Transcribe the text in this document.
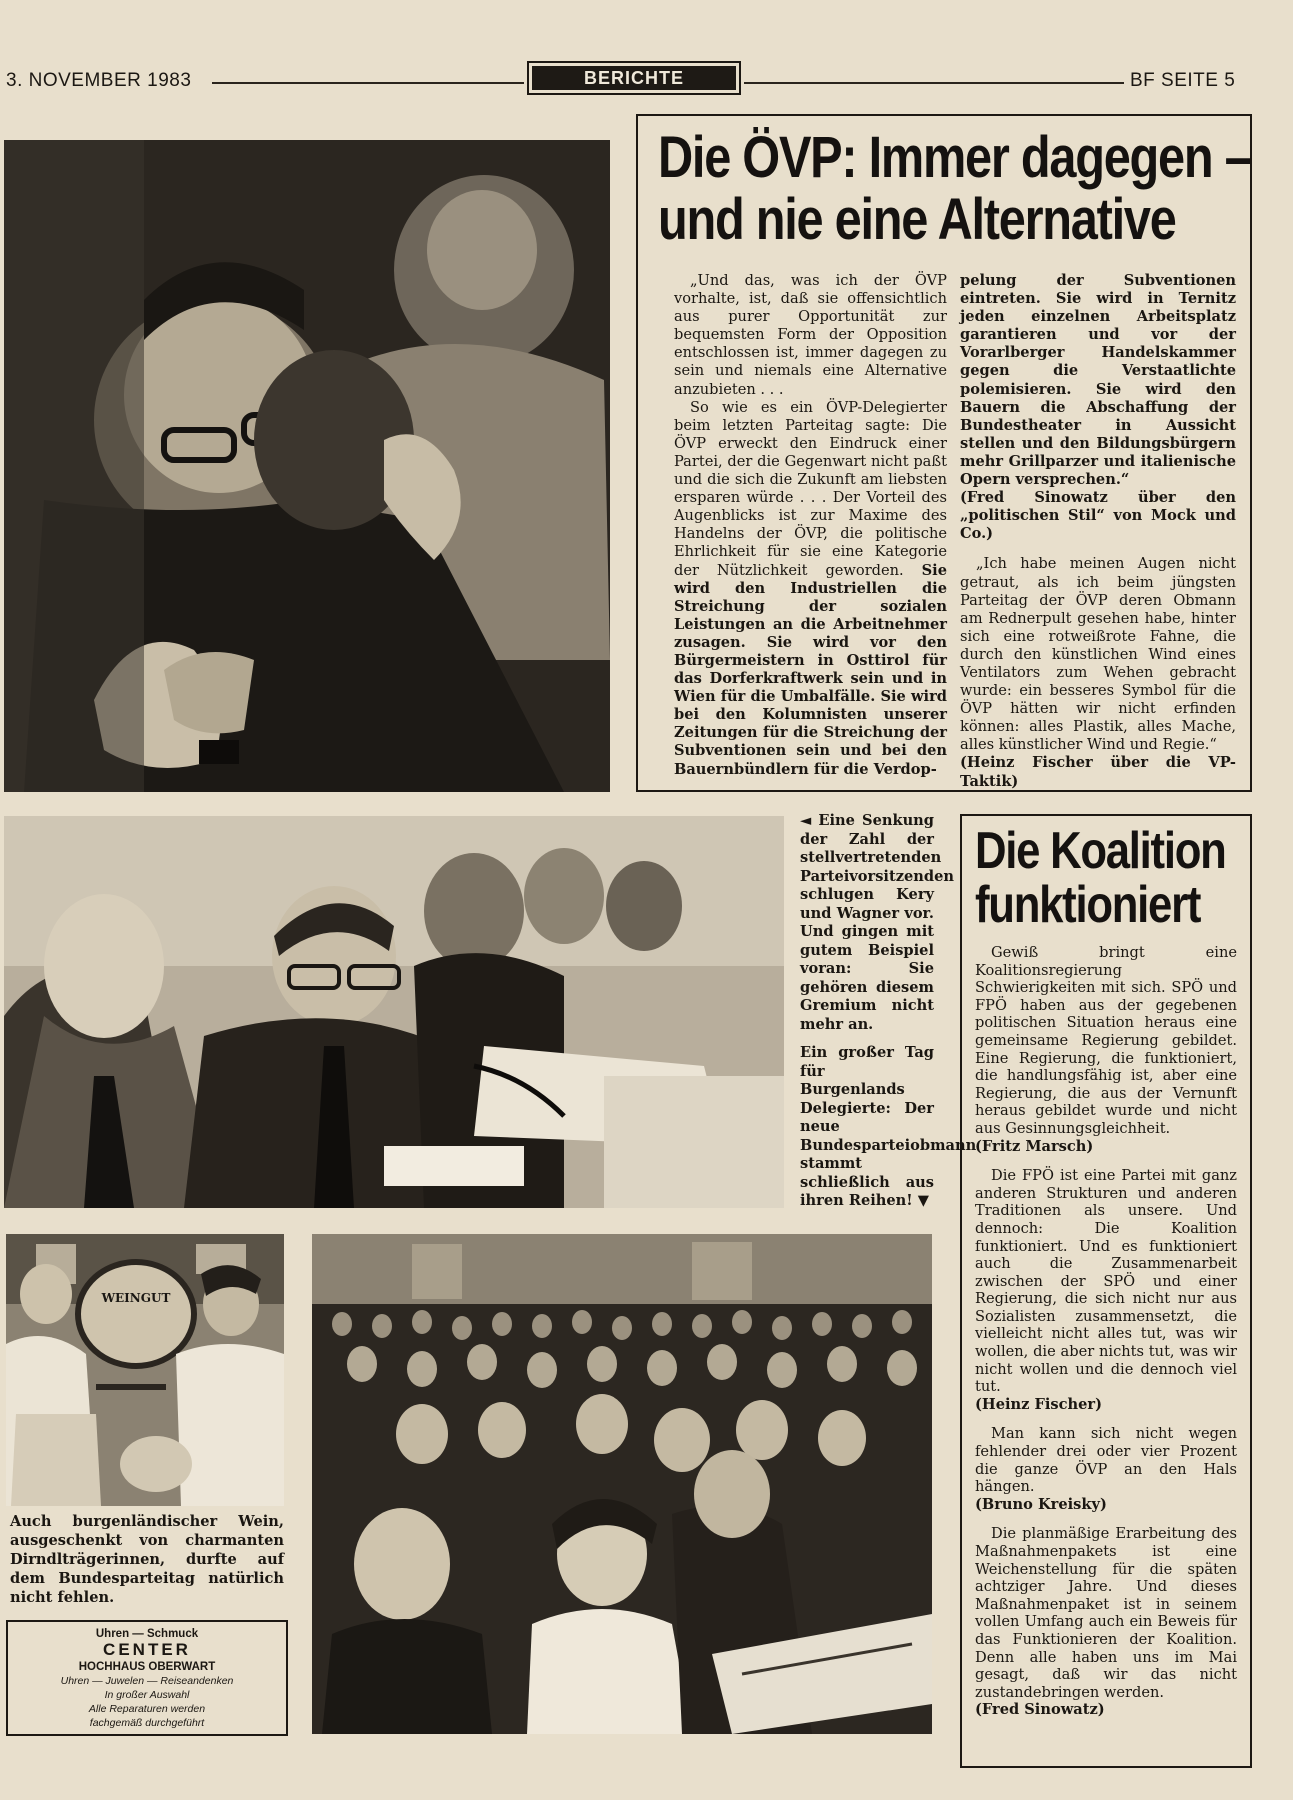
3. NOVEMBER 1983	BERICHTE	BF SEITE 5
Die ÖVP: Immer dagegen –
und nie eine Alternative

„Und das, was ich der ÖVP vorhalte, ist, daß sie offensichtlich aus purer Opportunität zur bequemsten Form der Opposition entschlossen ist, immer dagegen zu sein und niemals eine Alternative anzubieten . . .

So wie es ein ÖVP-Delegierter beim letzten Parteitag sagte: Die ÖVP erweckt den Eindruck einer Partei, der die Gegenwart nicht paßt und die sich die Zukunft am liebsten ersparen würde . . . Der Vorteil des Augenblicks ist zur Maxime des Handelns der ÖVP, die politische Ehrlichkeit für sie eine Kategorie der Nützlichkeit geworden. Sie wird den Industriellen die Streichung der sozialen Leistungen an die Arbeitnehmer zusagen. Sie wird vor den Bürgermeistern in Osttirol für das Dorferkraftwerk sein und in Wien für die Umbalfälle. Sie wird bei den Kolumnisten unserer Zeitungen für die Streichung der Subventionen sein und bei den Bauernbündlern für die Verdop-

pelung der Subventionen eintreten. Sie wird in Ternitz jeden einzelnen Arbeitsplatz garantieren und vor der Vorarlberger Handelskammer gegen die Verstaatlichte polemisieren. Sie wird den Bauern die Abschaffung der Bundestheater in Aussicht stellen und den Bildungsbürgern mehr Grillparzer und italienische Opern versprechen.“

(Fred Sinowatz über den „politischen Stil“ von Mock und Co.)

„Ich habe meinen Augen nicht getraut, als ich beim jüngsten Parteitag der ÖVP deren Obmann am Rednerpult gesehen habe, hinter sich eine rotweißrote Fahne, die durch den künstlichen Wind eines Ventilators zum Wehen gebracht wurde: ein besseres Symbol für die ÖVP hätten wir nicht erfinden können: alles Plastik, alles Mache, alles künstlicher Wind und Regie.“

(Heinz Fischer über die VP-Taktik)

◄ Eine Senkung der Zahl der stellvertretenden Parteivorsitzenden schlugen Kery und Wagner vor. Und gingen mit gutem Beispiel voran: Sie gehören diesem Gremium nicht mehr an.

Ein großer Tag für Burgenlands Delegierte: Der neue Bundesparteiobmann stammt schließlich aus ihren Reihen! ▼

Die Koalition
funktioniert

Gewiß bringt eine Koalitionsregierung Schwierigkeiten mit sich. SPÖ und FPÖ haben aus der gegebenen politischen Situation heraus eine gemeinsame Regierung gebildet. Eine Regierung, die funktioniert, die handlungsfähig ist, aber eine Regierung, die aus der Vernunft heraus gebildet wurde und nicht aus Gesinnungsgleichheit.

(Fritz Marsch)

Die FPÖ ist eine Partei mit ganz anderen Strukturen und anderen Traditionen als unsere. Und dennoch: Die Koalition funktioniert. Und es funktioniert auch die Zusammenarbeit zwischen der SPÖ und einer Regierung, die sich nicht nur aus Sozialisten zusammensetzt, die vielleicht nicht alles tut, was wir wollen, die aber nichts tut, was wir nicht wollen und die dennoch viel tut.

(Heinz Fischer)

Man kann sich nicht wegen fehlender drei oder vier Prozent die ganze ÖVP an den Hals hängen.

(Bruno Kreisky)

Die planmäßige Erarbeitung des Maßnahmenpakets ist eine Weichenstellung für die späten achtziger Jahre. Und dieses Maßnahmenpaket ist in seinem vollen Umfang auch ein Beweis für das Funktionieren der Koalition. Denn alle haben uns im Mai gesagt, daß wir das nicht zustandebringen werden.

(Fred Sinowatz)

WEINGUT
Auch burgenländischer Wein, ausgeschenkt von charmanten Dirndlträgerinnen, durfte auf dem Bundesparteitag natürlich nicht fehlen.
Uhren — Schmuck
CENTER
HOCHHAUS OBERWART
Uhren — Juwelen — Reiseandenken
In großer Auswahl
Alle Reparaturen werden
fachgemäß durchgeführt
